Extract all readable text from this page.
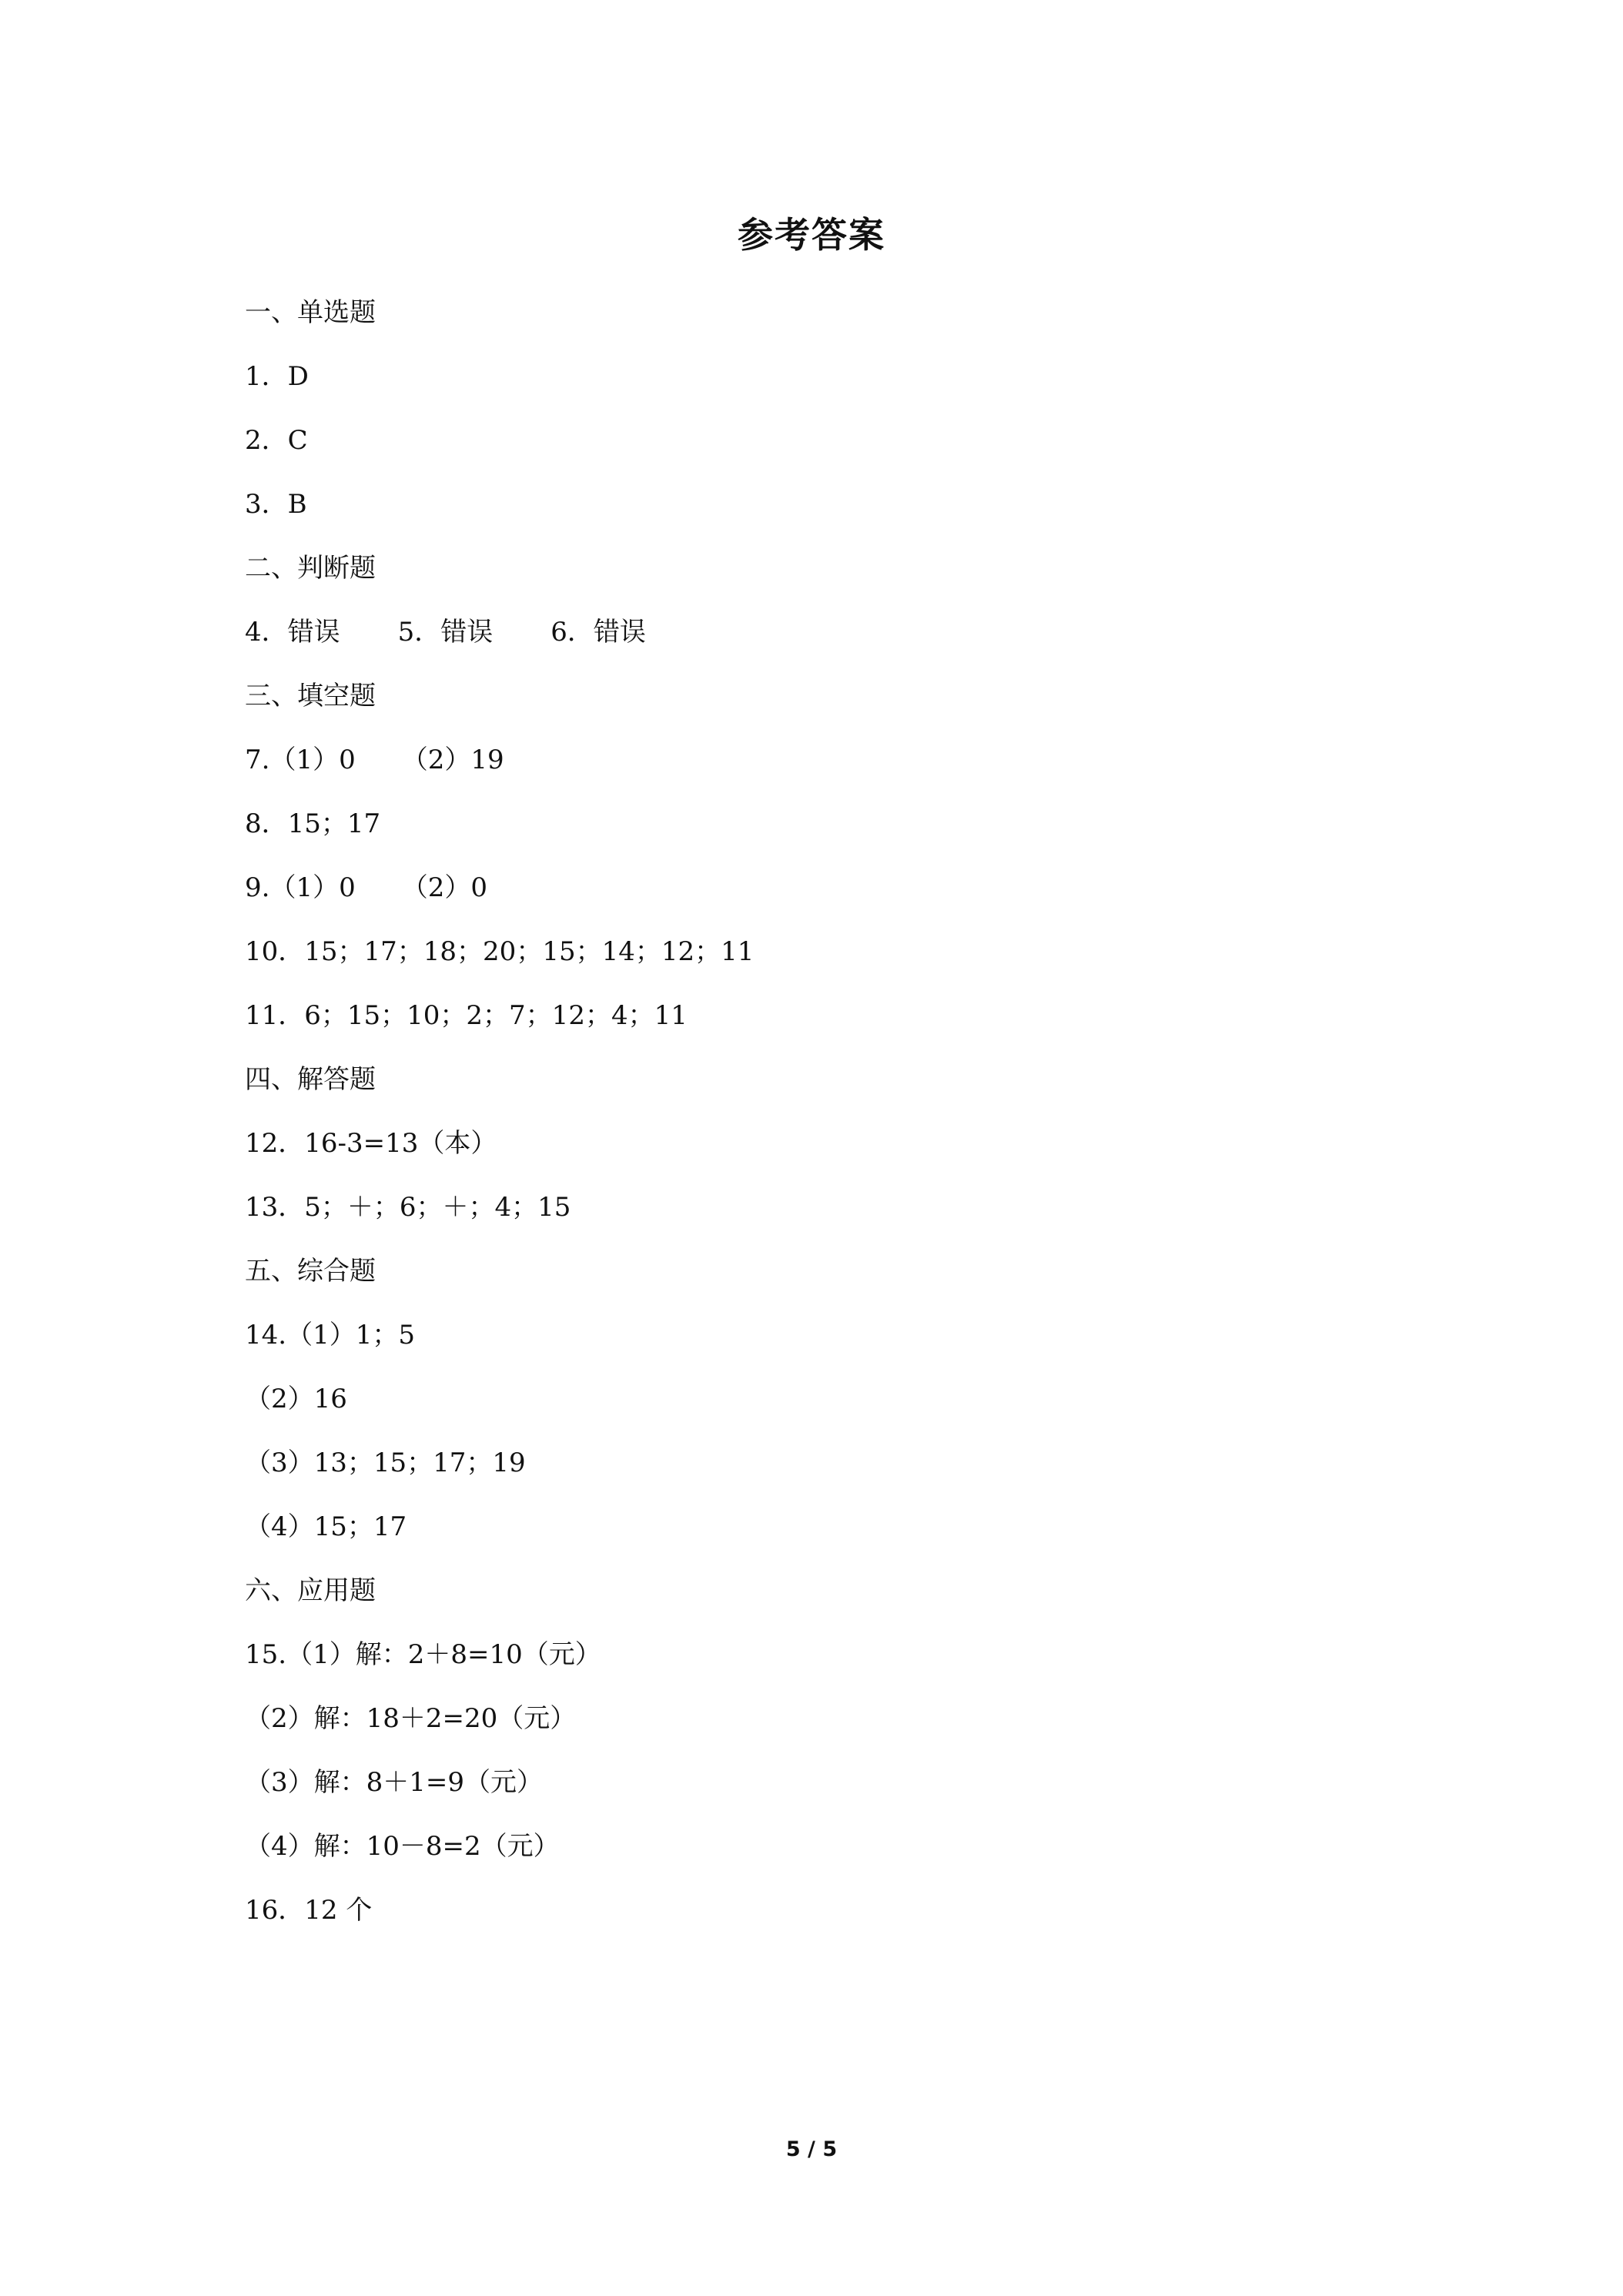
参考答案
一、单选题
1．D
2．C
3．B
二、判断题
4．错误 5．错误 6．错误
三、填空题
7.（1）0 （2）19
8．15；17
9.（1）0 （2）0
10．15；17；18；20；15；14；12；11
11．6；15；10；2；7；12；4；11
四、解答题
12．16-3=13（本）
13．5；＋；6；＋；4；15
五、综合题
14.（1）1；5
（2）16
（3）13；15；17；19
（4）15；17
六、应用题
15.（1）解：2＋8=10（元）
（2）解：18＋2=20（元）
（3）解：8＋1=9（元）
（4）解：10－8=2（元）
16．12 个
5 / 5
